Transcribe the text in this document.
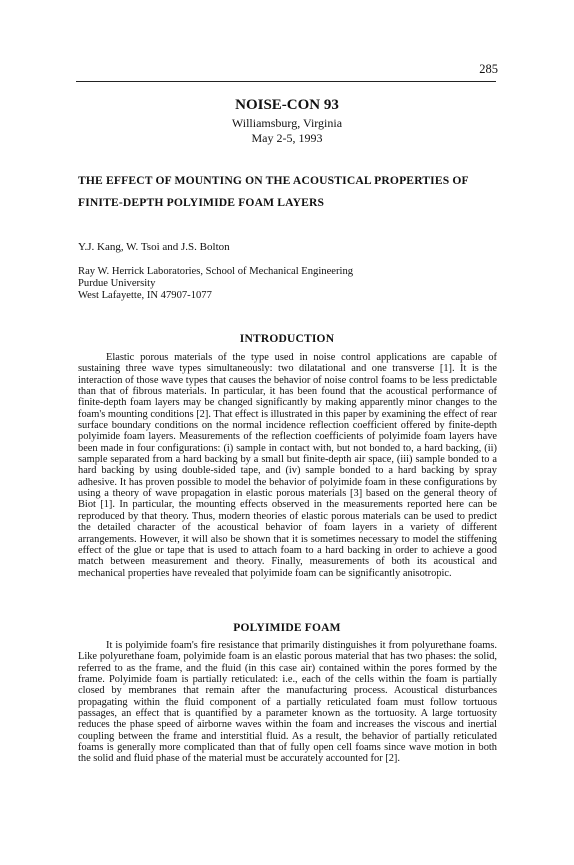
285
NOISE-CON 93
Williamsburg, Virginia
May 2-5, 1993
THE EFFECT OF MOUNTING ON THE ACOUSTICAL PROPERTIES OF FINITE-DEPTH POLYIMIDE FOAM LAYERS
Y.J. Kang, W. Tsoi and J.S. Bolton
Ray W. Herrick Laboratories, School of Mechanical Engineering
Purdue University
West Lafayette, IN 47907-1077
INTRODUCTION

Elastic porous materials of the type used in noise control applications are capable of sustaining three wave types simultaneously: two dilatational and one transverse [1]. It is the interaction of those wave types that causes the behavior of noise control foams to be less predictable than that of fibrous materials. In particular, it has been found that the acoustical performance of finite-depth foam layers may be changed significantly by making apparently minor changes to the foam's mounting conditions [2]. That effect is illustrated in this paper by examining the effect of rear surface boundary conditions on the normal incidence reflection coefficient offered by finite-depth polyimide foam layers. Measurements of the reflection coefficients of polyimide foam layers have been made in four configurations: (i) sample in contact with, but not bonded to, a hard backing, (ii) sample separated from a hard backing by a small but finite-depth air space, (iii) sample bonded to a hard backing by using double-sided tape, and (iv) sample bonded to a hard backing by spray adhesive. It has proven possible to model the behavior of polyimide foam in these configurations by using a theory of wave propagation in elastic porous materials [3] based on the general theory of Biot [1]. In particular, the mounting effects observed in the measurements reported here can be reproduced by that theory. Thus, modern theories of elastic porous materials can be used to predict the detailed character of the acoustical behavior of foam layers in a variety of different arrangements. However, it will also be shown that it is sometimes necessary to model the stiffening effect of the glue or tape that is used to attach foam to a hard backing in order to achieve a good match between measurement and theory. Finally, measurements of both its acoustical and mechanical properties have revealed that polyimide foam can be significantly anisotropic.

POLYIMIDE FOAM

It is polyimide foam's fire resistance that primarily distinguishes it from polyurethane foams. Like polyurethane foam, polyimide foam is an elastic porous material that has two phases: the solid, referred to as the frame, and the fluid (in this case air) contained within the pores formed by the frame. Polyimide foam is partially reticulated: i.e., each of the cells within the foam is partially closed by membranes that remain after the manufacturing process. Acoustical disturbances propagating within the fluid component of a partially reticulated foam must follow tortuous passages, an effect that is quantified by a parameter known as the tortuosity. A large tortuosity reduces the phase speed of airborne waves within the foam and increases the viscous and inertial coupling between the frame and interstitial fluid. As a result, the behavior of partially reticulated foams is generally more complicated than that of fully open cell foams since wave motion in both the solid and fluid phase of the material must be accurately accounted for [2].
